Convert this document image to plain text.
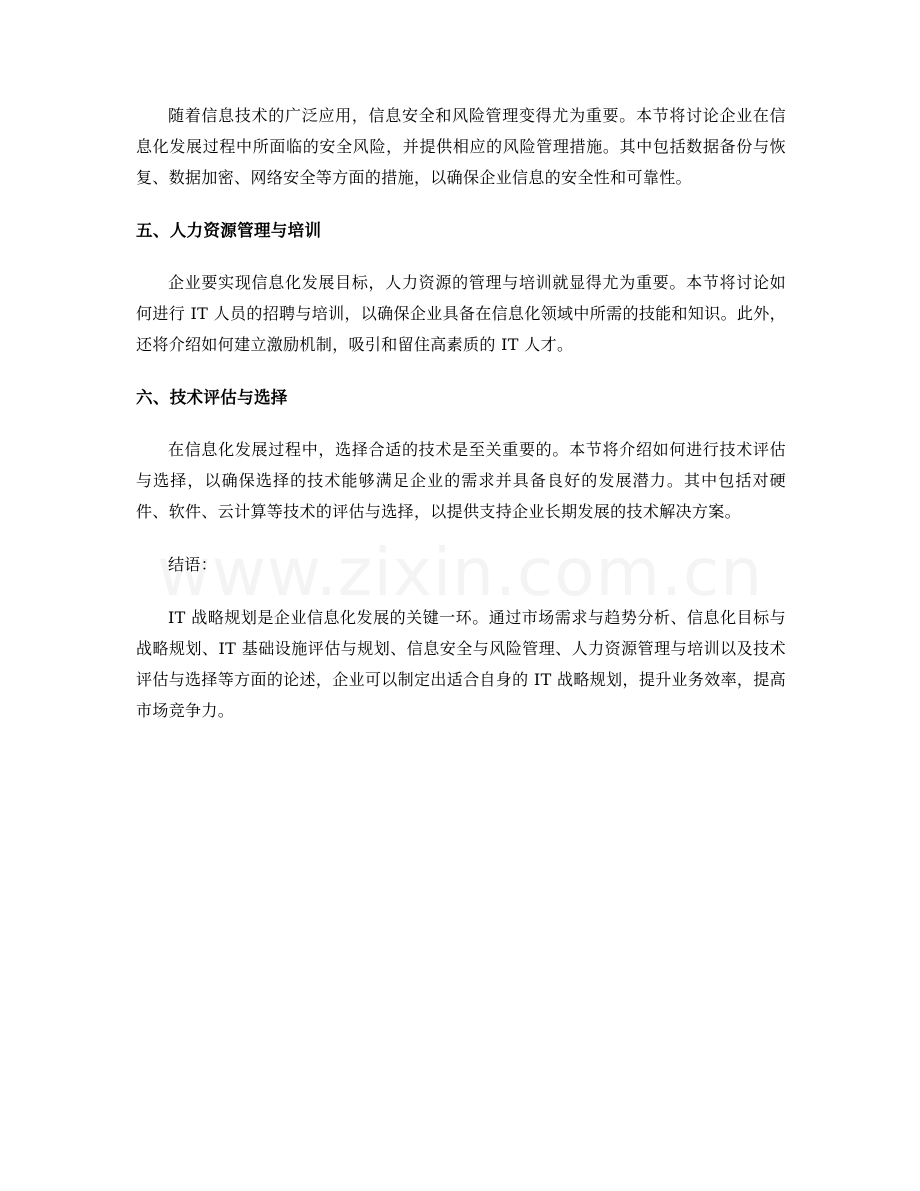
随着信息技术的广泛应用，信息安全和风险管理变得尤为重要。本节将讨论企业在信息化发展过程中所面临的安全风险，并提供相应的风险管理措施。其中包括数据备份与恢复、数据加密、网络安全等方面的措施，以确保企业信息的安全性和可靠性。

五、人力资源管理与培训

企业要实现信息化发展目标，人力资源的管理与培训就显得尤为重要。本节将讨论如何进行 IT 人员的招聘与培训，以确保企业具备在信息化领域中所需的技能和知识。此外，还将介绍如何建立激励机制，吸引和留住高素质的 IT 人才。

六、技术评估与选择

在信息化发展过程中，选择合适的技术是至关重要的。本节将介绍如何进行技术评估与选择，以确保选择的技术能够满足企业的需求并具备良好的发展潜力。其中包括对硬件、软件、云计算等技术的评估与选择，以提供支持企业长期发展的技术解决方案。

结语：

IT 战略规划是企业信息化发展的关键一环。通过市场需求与趋势分析、信息化目标与战略规划、IT 基础设施评估与规划、信息安全与风险管理、人力资源管理与培训以及技术评估与选择等方面的论述，企业可以制定出适合自身的 IT 战略规划，提升业务效率，提高市场竞争力。
